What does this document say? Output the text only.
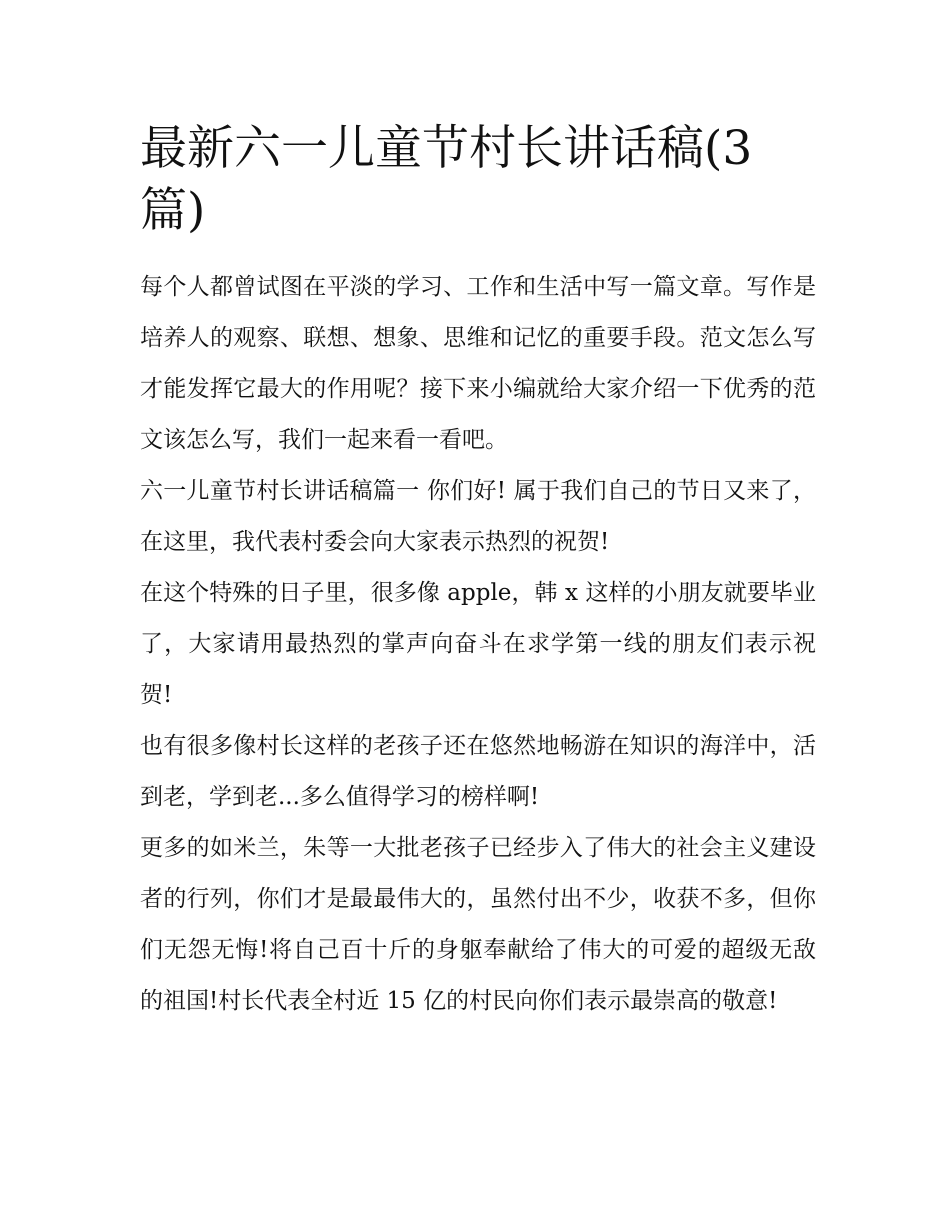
最新六一儿童节村长讲话稿(3篇)

每个人都曾试图在平淡的学习、工作和生活中写一篇文章。写作是培养人的观察、联想、想象、思维和记忆的重要手段。范文怎么写才能发挥它最大的作用呢？接下来小编就给大家介绍一下优秀的范文该怎么写，我们一起来看一看吧。

六一儿童节村长讲话稿篇一 你们好! 属于我们自己的节日又来了，在这里，我代表村委会向大家表示热烈的祝贺!

在这个特殊的日子里，很多像 apple，韩 x 这样的小朋友就要毕业了，大家请用最热烈的掌声向奋斗在求学第一线的朋友们表示祝贺!

也有很多像村长这样的老孩子还在悠然地畅游在知识的海洋中，活到老，学到老...多么值得学习的榜样啊!

更多的如米兰，朱等一大批老孩子已经步入了伟大的社会主义建设者的行列，你们才是最最伟大的，虽然付出不少，收获不多，但你们无怨无悔!将自己百十斤的身躯奉献给了伟大的可爱的超级无敌的祖国!村长代表全村近 15 亿的村民向你们表示最崇高的敬意!
